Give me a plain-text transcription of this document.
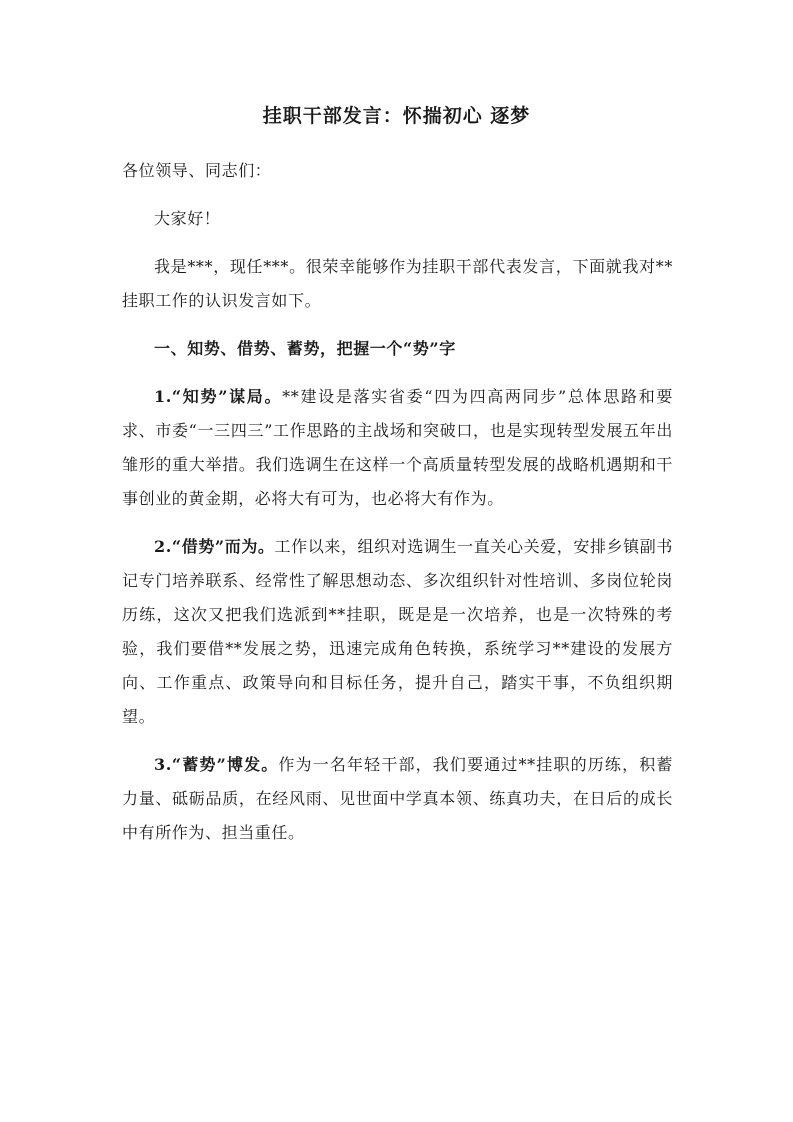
挂职干部发言：怀揣初心 逐梦

各位领导、同志们：

大家好！

我是***，现任***。很荣幸能够作为挂职干部代表发言，下面就我对**挂职工作的认识发言如下。

一、知势、借势、蓄势，把握一个“势”字

1.“知势”谋局。**建设是落实省委“四为四高两同步”总体思路和要求、市委“一三四三”工作思路的主战场和突破口，也是实现转型发展五年出雏形的重大举措。我们选调生在这样一个高质量转型发展的战略机遇期和干事创业的黄金期，必将大有可为，也必将大有作为。

2.“借势”而为。工作以来，组织对选调生一直关心关爱，安排乡镇副书记专门培养联系、经常性了解思想动态、多次组织针对性培训、多岗位轮岗历练，这次又把我们选派到**挂职，既是是一次培养，也是一次特殊的考验，我们要借**发展之势，迅速完成角色转换，系统学习**建设的发展方向、工作重点、政策导向和目标任务，提升自己，踏实干事，不负组织期望。

3.“蓄势”博发。作为一名年轻干部，我们要通过**挂职的历练，积蓄力量、砥砺品质，在经风雨、见世面中学真本领、练真功夫，在日后的成长中有所作为、担当重任。
